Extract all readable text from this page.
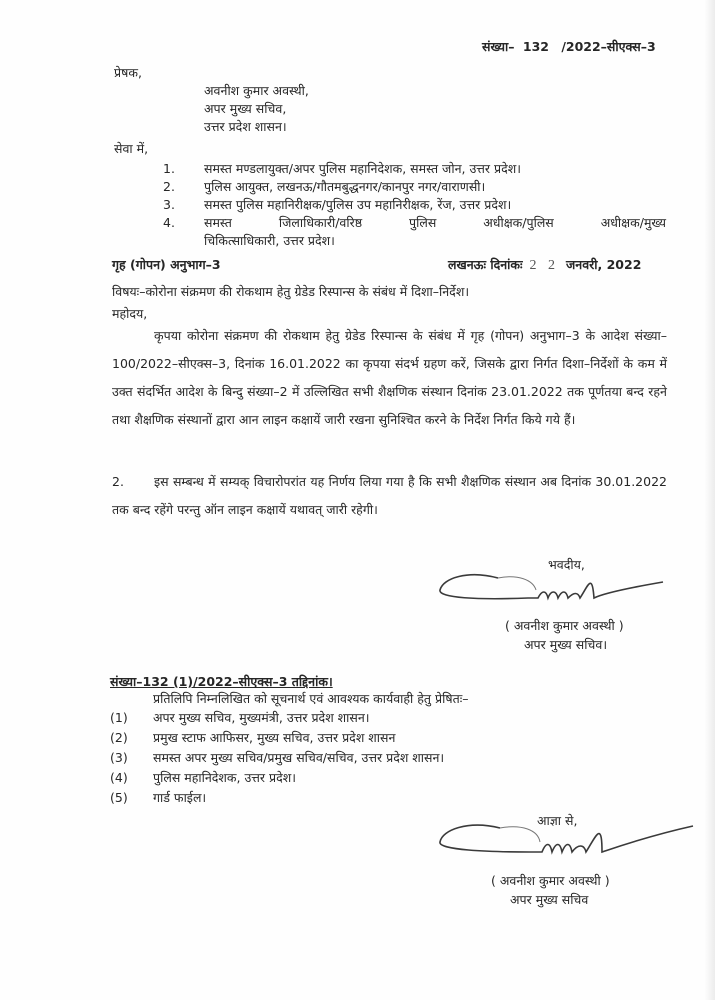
संख्या– 132 /2022–सीएक्स–3
प्रेषक,
अवनीश कुमार अवस्थी,
अपर मुख्य सचिव,
उत्तर प्रदेश शासन।
सेवा में,
1. समस्त मण्डलायुक्त/अपर पुलिस महानिदेशक, समस्त जोन, उत्तर प्रदेश।
2. पुलिस आयुक्त, लखनऊ/गौतमबुद्धनगर/कानपुर नगर/वाराणसी।
3. समस्त पुलिस महानिरीक्षक/पुलिस उप महानिरीक्षक, रेंज, उत्तर प्रदेश।
4. समस्त जिलाधिकारी/वरिष्ठ पुलिस अधीक्षक/पुलिस अधीक्षक/मुख्य
चिकित्साधिकारी, उत्तर प्रदेश।
गृह (गोपन) अनुभाग–3	लखनऊः दिनांकः 2 2 जनवरी, 2022
विषयः–कोरोना संक्रमण की रोकथाम हेतु ग्रेडेड रिस्पान्स के संबंध में दिशा–निर्देश।
महोदय,
कृपया कोरोना संक्रमण की रोकथाम हेतु ग्रेडेड रिस्पान्स के संबंध में गृह (गोपन) अनुभाग–3 के आदेश संख्या–100/2022–सीएक्स–3, दिनांक 16.01.2022 का कृपया संदर्भ ग्रहण करें, जिसके द्वारा निर्गत दिशा–निर्देशों के कम में उक्त संदर्भित आदेश के बिन्दु संख्या–2 में उल्लिखित सभी शैक्षणिक संस्थान दिनांक 23.01.2022 तक पूर्णतया बन्द रहने तथा शैक्षणिक संस्थानों द्वारा आन लाइन कक्षायें जारी रखना सुनिश्चित करने के निर्देश निर्गत किये गये हैं।
2. इस सम्बन्ध में सम्यक् विचारोपरांत यह निर्णय लिया गया है कि सभी शैक्षणिक संस्थान अब दिनांक 30.01.2022 तक बन्द रहेंगे परन्तु ऑन लाइन कक्षायें यथावत् जारी रहेगी।
भवदीय,
( अवनीश कुमार अवस्थी )
अपर मुख्य सचिव।
संख्या–132 (1)/2022–सीएक्स–3 तद्दिनांक।
प्रतिलिपि निम्नलिखित को सूचनार्थ एवं आवश्यक कार्यवाही हेतु प्रेषितः–
(1) अपर मुख्य सचिव, मुख्यमंत्री, उत्तर प्रदेश शासन।
(2) प्रमुख स्टाफ आफिसर, मुख्य सचिव, उत्तर प्रदेश शासन
(3) समस्त अपर मुख्य सचिव/प्रमुख सचिव/सचिव, उत्तर प्रदेश शासन।
(4) पुलिस महानिदेशक, उत्तर प्रदेश।
(5) गार्ड फाईल।
आज्ञा से,
( अवनीश कुमार अवस्थी )
अपर मुख्य सचिव
